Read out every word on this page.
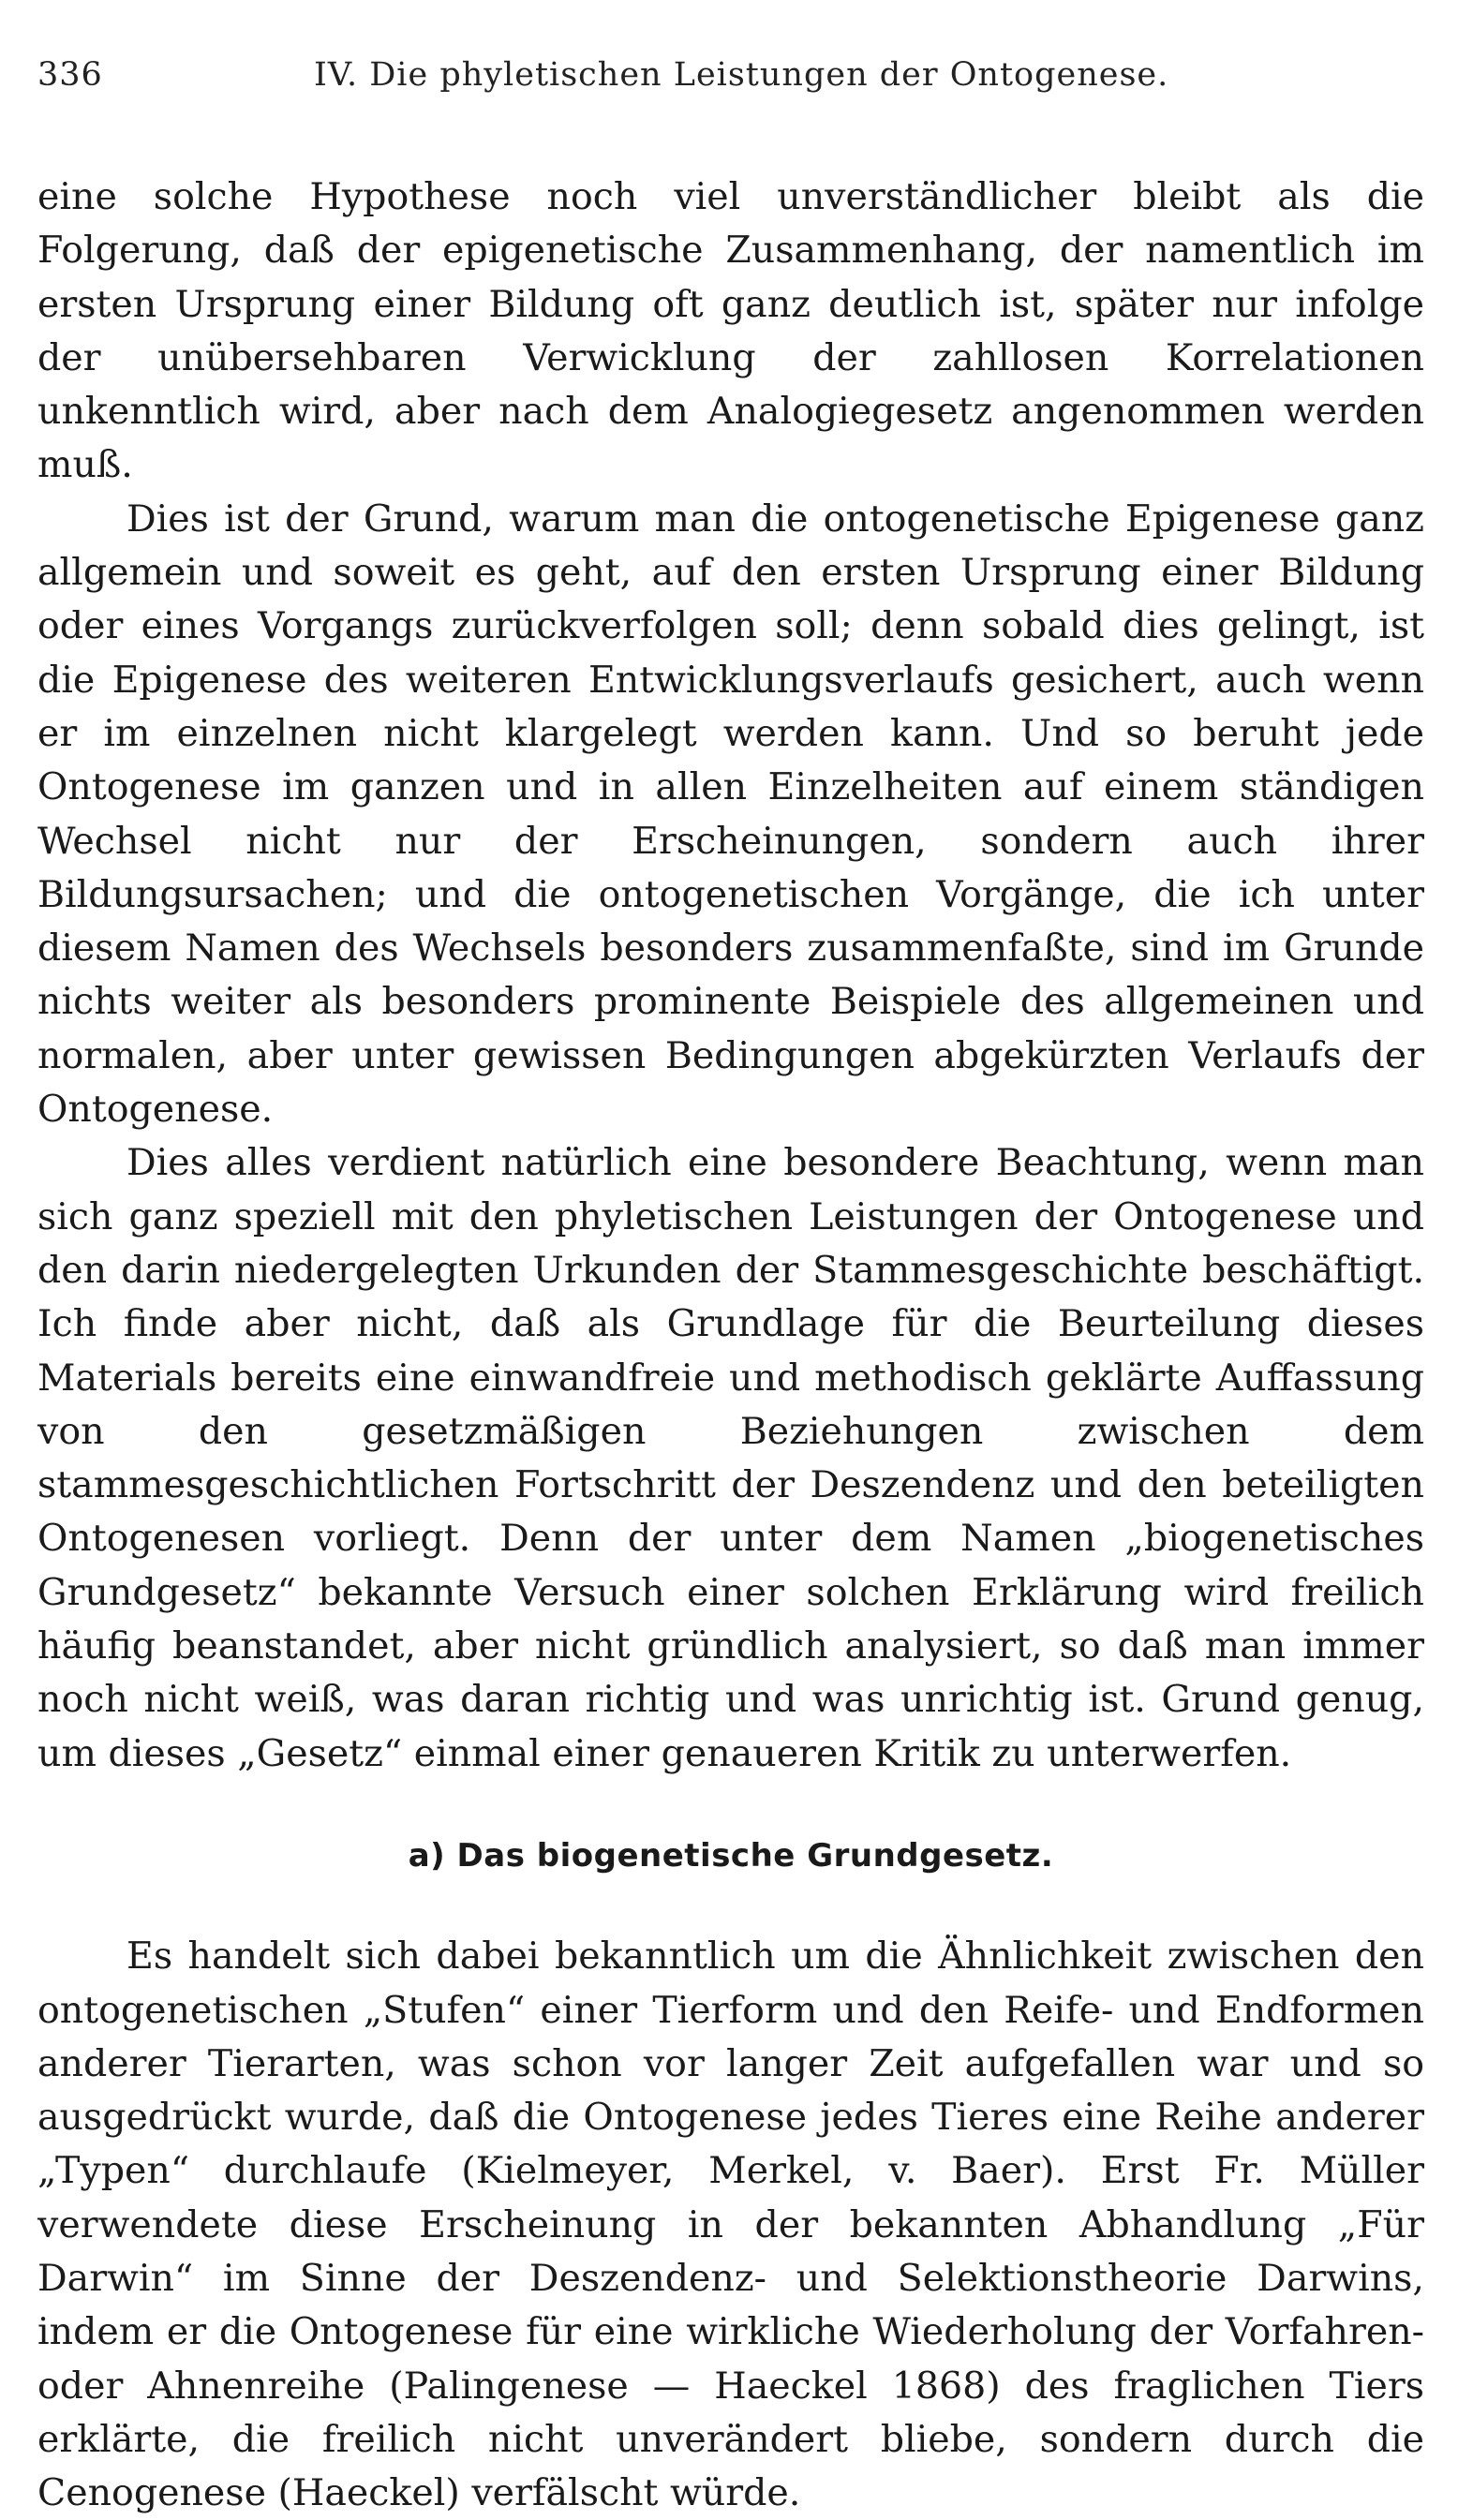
336	IV. Die phyletischen Leistungen der Ontogenese.

eine solche Hypothese noch viel unverständlicher bleibt als die Folgerung, daß der epigenetische Zusammenhang, der namentlich im ersten Ursprung einer Bildung oft ganz deutlich ist, später nur infolge der unübersehbaren Verwicklung der zahllosen Korrelationen unkenntlich wird, aber nach dem Analogiegesetz angenommen werden muß.

Dies ist der Grund, warum man die ontogenetische Epigenese ganz allgemein und soweit es geht, auf den ersten Ursprung einer Bildung oder eines Vorgangs zurückverfolgen soll; denn sobald dies gelingt, ist die Epigenese des weiteren Entwicklungsverlaufs gesichert, auch wenn er im einzelnen nicht klargelegt werden kann. Und so beruht jede Ontogenese im ganzen und in allen Einzelheiten auf einem ständigen Wechsel nicht nur der Erscheinungen, sondern auch ihrer Bildungsursachen; und die ontogenetischen Vorgänge, die ich unter diesem Namen des Wechsels besonders zusammenfaßte, sind im Grunde nichts weiter als besonders prominente Beispiele des allgemeinen und normalen, aber unter gewissen Bedingungen abgekürzten Verlaufs der Ontogenese.

Dies alles verdient natürlich eine besondere Beachtung, wenn man sich ganz speziell mit den phyletischen Leistungen der Ontogenese und den darin niedergelegten Urkunden der Stammesgeschichte beschäftigt. Ich finde aber nicht, daß als Grundlage für die Beurteilung dieses Materials bereits eine einwandfreie und methodisch geklärte Auffassung von den gesetzmäßigen Beziehungen zwischen dem stammesgeschichtlichen Fortschritt der Deszendenz und den beteiligten Ontogenesen vorliegt. Denn der unter dem Namen „biogenetisches Grundgesetz“ bekannte Versuch einer solchen Erklärung wird freilich häufig beanstandet, aber nicht gründlich analysiert, so daß man immer noch nicht weiß, was daran richtig und was unrichtig ist. Grund genug, um dieses „Gesetz“ einmal einer genaueren Kritik zu unterwerfen.

a) Das biogenetische Grundgesetz.

Es handelt sich dabei bekanntlich um die Ähnlichkeit zwischen den ontogenetischen „Stufen“ einer Tierform und den Reife- und Endformen anderer Tierarten, was schon vor langer Zeit aufgefallen war und so ausgedrückt wurde, daß die Ontogenese jedes Tieres eine Reihe anderer „Typen“ durchlaufe (Kielmeyer, Merkel, v. Baer). Erst Fr. Müller verwendete diese Erscheinung in der bekannten Abhandlung „Für Darwin“ im Sinne der Deszendenz- und Selektionstheorie Darwins, indem er die Ontogenese für eine wirkliche Wiederholung der Vorfahren- oder Ahnenreihe (Palingenese — Haeckel 1868) des fraglichen Tiers erklärte, die freilich nicht unverändert bliebe, sondern durch die Cenogenese (Haeckel) verfälscht würde.
